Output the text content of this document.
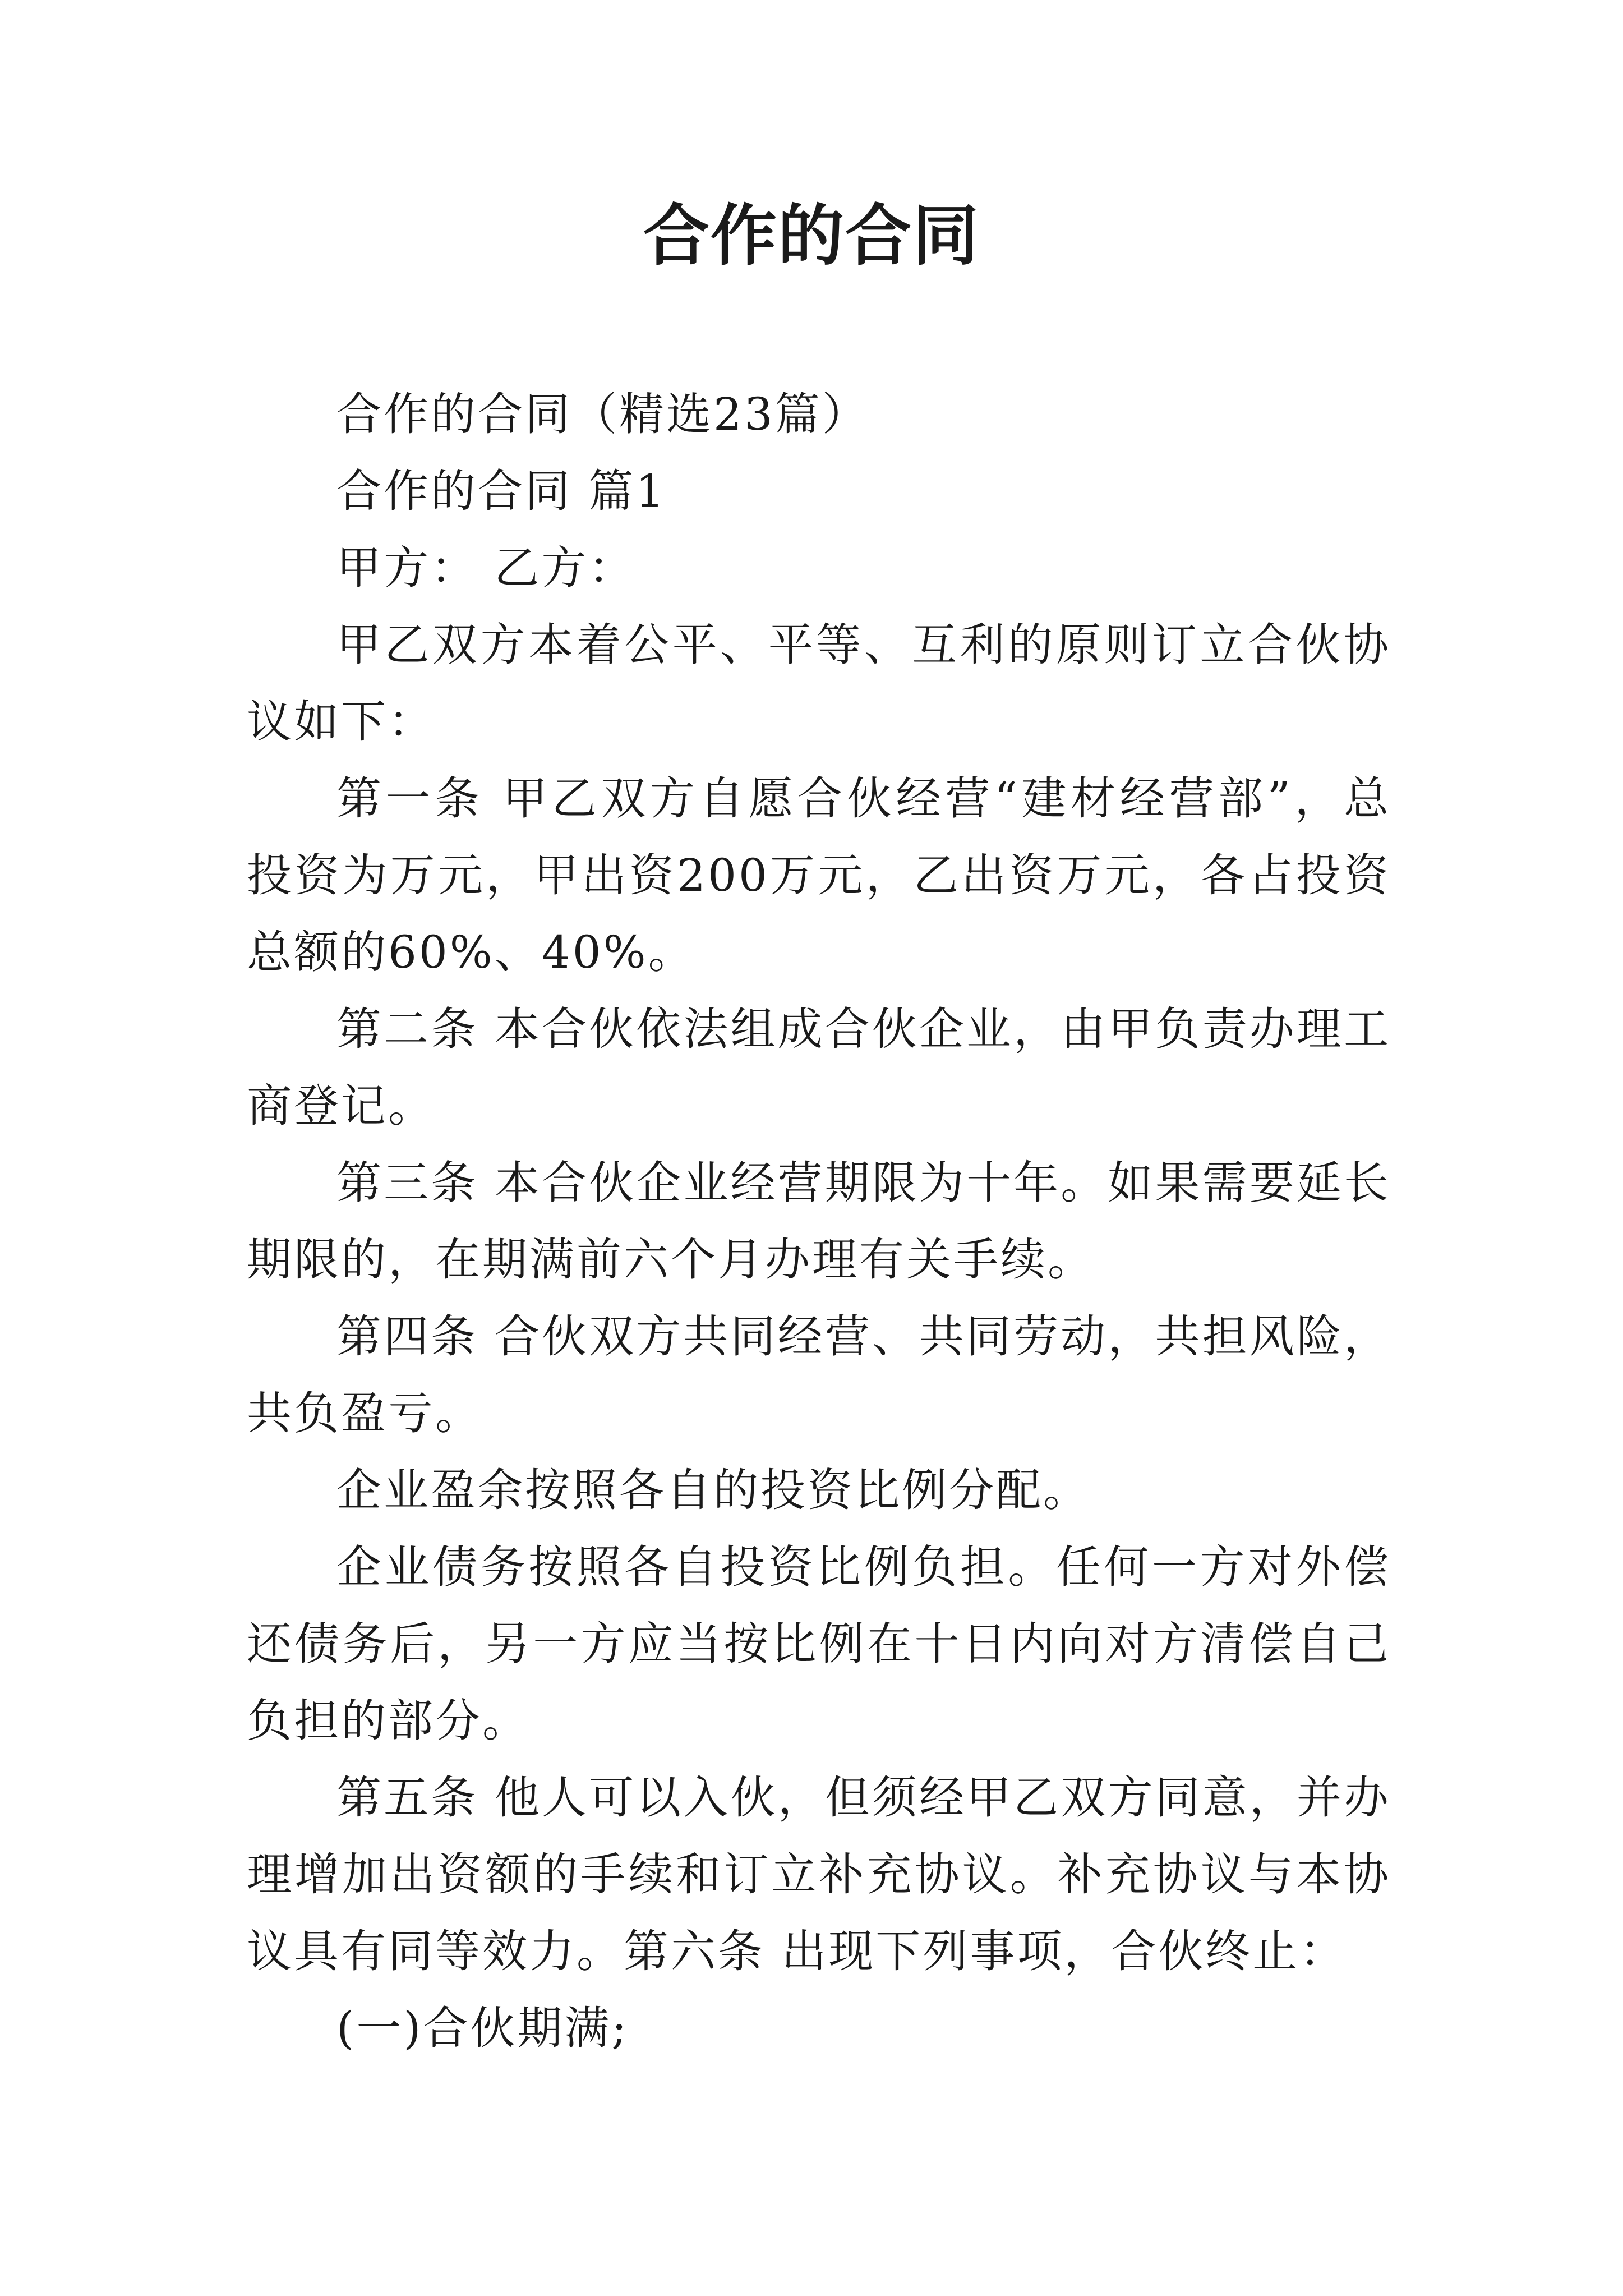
合作的合同

合作的合同（精选23篇）

合作的合同 篇1

甲方： 乙方：

甲乙双方本着公平、平等、互利的原则订立合伙协议如下：

第一条 甲乙双方自愿合伙经营“建材经营部”，总投资为万元，甲出资200万元，乙出资万元，各占投资总额的60%、40%。

第二条 本合伙依法组成合伙企业，由甲负责办理工商登记。

第三条 本合伙企业经营期限为十年。如果需要延长期限的，在期满前六个月办理有关手续。

第四条 合伙双方共同经营、共同劳动，共担风险，共负盈亏。

企业盈余按照各自的投资比例分配。

企业债务按照各自投资比例负担。任何一方对外偿还债务后，另一方应当按比例在十日内向对方清偿自己负担的部分。

第五条 他人可以入伙，但须经甲乙双方同意，并办理增加出资额的手续和订立补充协议。补充协议与本协议具有同等效力。第六条 出现下列事项，合伙终止：

(一)合伙期满;
